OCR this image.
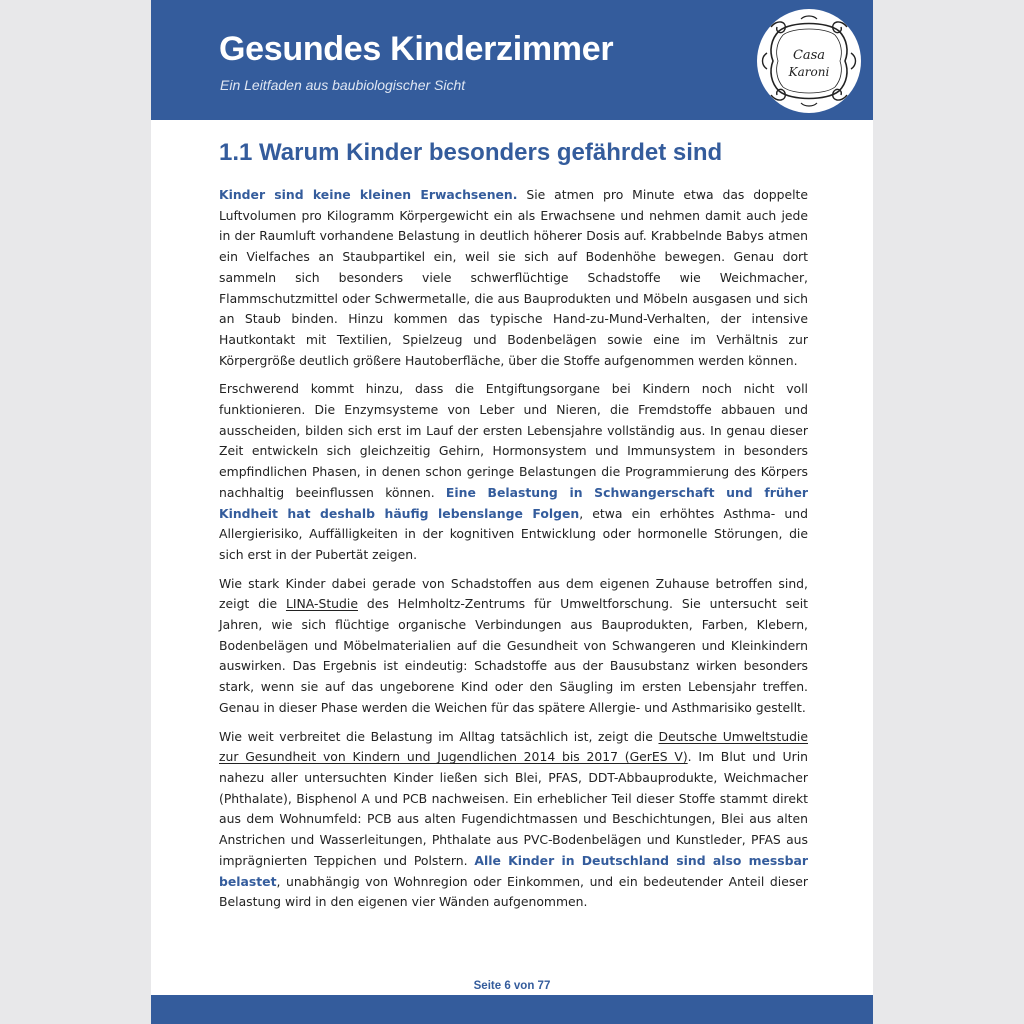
Gesundes Kinderzimmer

Ein Leitfaden aus baubiologischer Sicht

Casa
Karoni
1.1 Warum Kinder besonders gefährdet sind

Kinder sind keine kleinen Erwachsenen. Sie atmen pro Minute etwa das doppelte Luftvolumen pro Kilogramm Körpergewicht ein als Erwachsene und nehmen damit auch jede in der Raumluft vorhandene Belastung in deutlich höherer Dosis auf. Krabbelnde Babys atmen ein Vielfaches an Staubpartikel ein, weil sie sich auf Bodenhöhe bewegen. Genau dort sammeln sich besonders viele schwerflüchtige Schadstoffe wie Weichmacher, Flammschutzmittel oder Schwermetalle, die aus Bauprodukten und Möbeln ausgasen und sich an Staub binden. Hinzu kommen das typische Hand-zu-Mund-Verhalten, der intensive Hautkontakt mit Textilien, Spielzeug und Bodenbelägen sowie eine im Verhältnis zur Körpergröße deutlich größere Hautoberfläche, über die Stoffe aufgenommen werden können.

Erschwerend kommt hinzu, dass die Entgiftungsorgane bei Kindern noch nicht voll funktionieren. Die Enzymsysteme von Leber und Nieren, die Fremdstoffe abbauen und ausscheiden, bilden sich erst im Lauf der ersten Lebensjahre vollständig aus. In genau dieser Zeit entwickeln sich gleichzeitig Gehirn, Hormonsystem und Immunsystem in besonders empfindlichen Phasen, in denen schon geringe Belastungen die Programmierung des Körpers nachhaltig beeinflussen können. Eine Belastung in Schwangerschaft und früher Kindheit hat deshalb häufig lebenslange Folgen, etwa ein erhöhtes Asthma- und Allergierisiko, Auffälligkeiten in der kognitiven Entwicklung oder hormonelle Störungen, die sich erst in der Pubertät zeigen.

Wie stark Kinder dabei gerade von Schadstoffen aus dem eigenen Zuhause betroffen sind, zeigt die LINA-Studie des Helmholtz-Zentrums für Umweltforschung. Sie untersucht seit Jahren, wie sich flüchtige organische Verbindungen aus Bauprodukten, Farben, Klebern, Bodenbelägen und Möbelmaterialien auf die Gesundheit von Schwangeren und Kleinkindern auswirken. Das Ergebnis ist eindeutig: Schadstoffe aus der Bausubstanz wirken besonders stark, wenn sie auf das ungeborene Kind oder den Säugling im ersten Lebensjahr treffen. Genau in dieser Phase werden die Weichen für das spätere Allergie- und Asthmarisiko gestellt.

Wie weit verbreitet die Belastung im Alltag tatsächlich ist, zeigt die Deutsche Umweltstudie zur Gesundheit von Kindern und Jugendlichen 2014 bis 2017 (GerES V). Im Blut und Urin nahezu aller untersuchten Kinder ließen sich Blei, PFAS, DDT-Abbauprodukte, Weichmacher (Phthalate), Bisphenol A und PCB nachweisen. Ein erheblicher Teil dieser Stoffe stammt direkt aus dem Wohnumfeld: PCB aus alten Fugendichtmassen und Beschichtungen, Blei aus alten Anstrichen und Wasserleitungen, Phthalate aus PVC-Bodenbelägen und Kunstleder, PFAS aus imprägnierten Teppichen und Polstern. Alle Kinder in Deutschland sind also messbar belastet, unabhängig von Wohnregion oder Einkommen, und ein bedeutender Anteil dieser Belastung wird in den eigenen vier Wänden aufgenommen.

Seite 6 von 77
